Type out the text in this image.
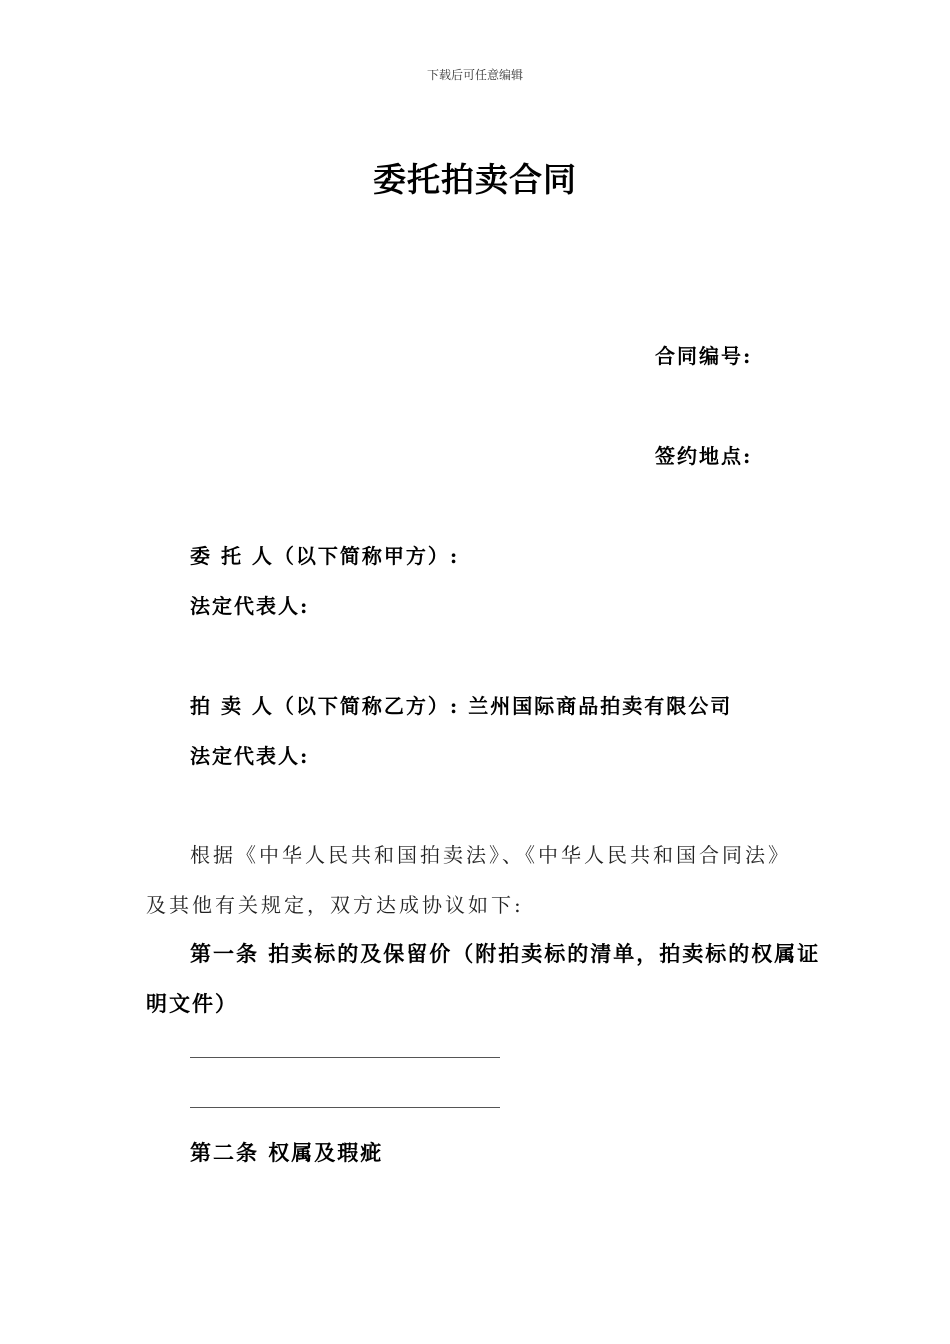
下载后可任意编辑
委托拍卖合同
合同编号:
签约地点:
委 托 人（以下简称甲方）:
法定代表人:
拍 卖 人（以下简称乙方）: 兰州国际商品拍卖有限公司
法定代表人:
根据《中华人民共和国拍卖法》、《中华人民共和国合同法》
及其他有关规定，双方达成协议如下:
第一条 拍卖标的及保留价（附拍卖标的清单，拍卖标的权属证
明文件）
第二条 权属及瑕疵
